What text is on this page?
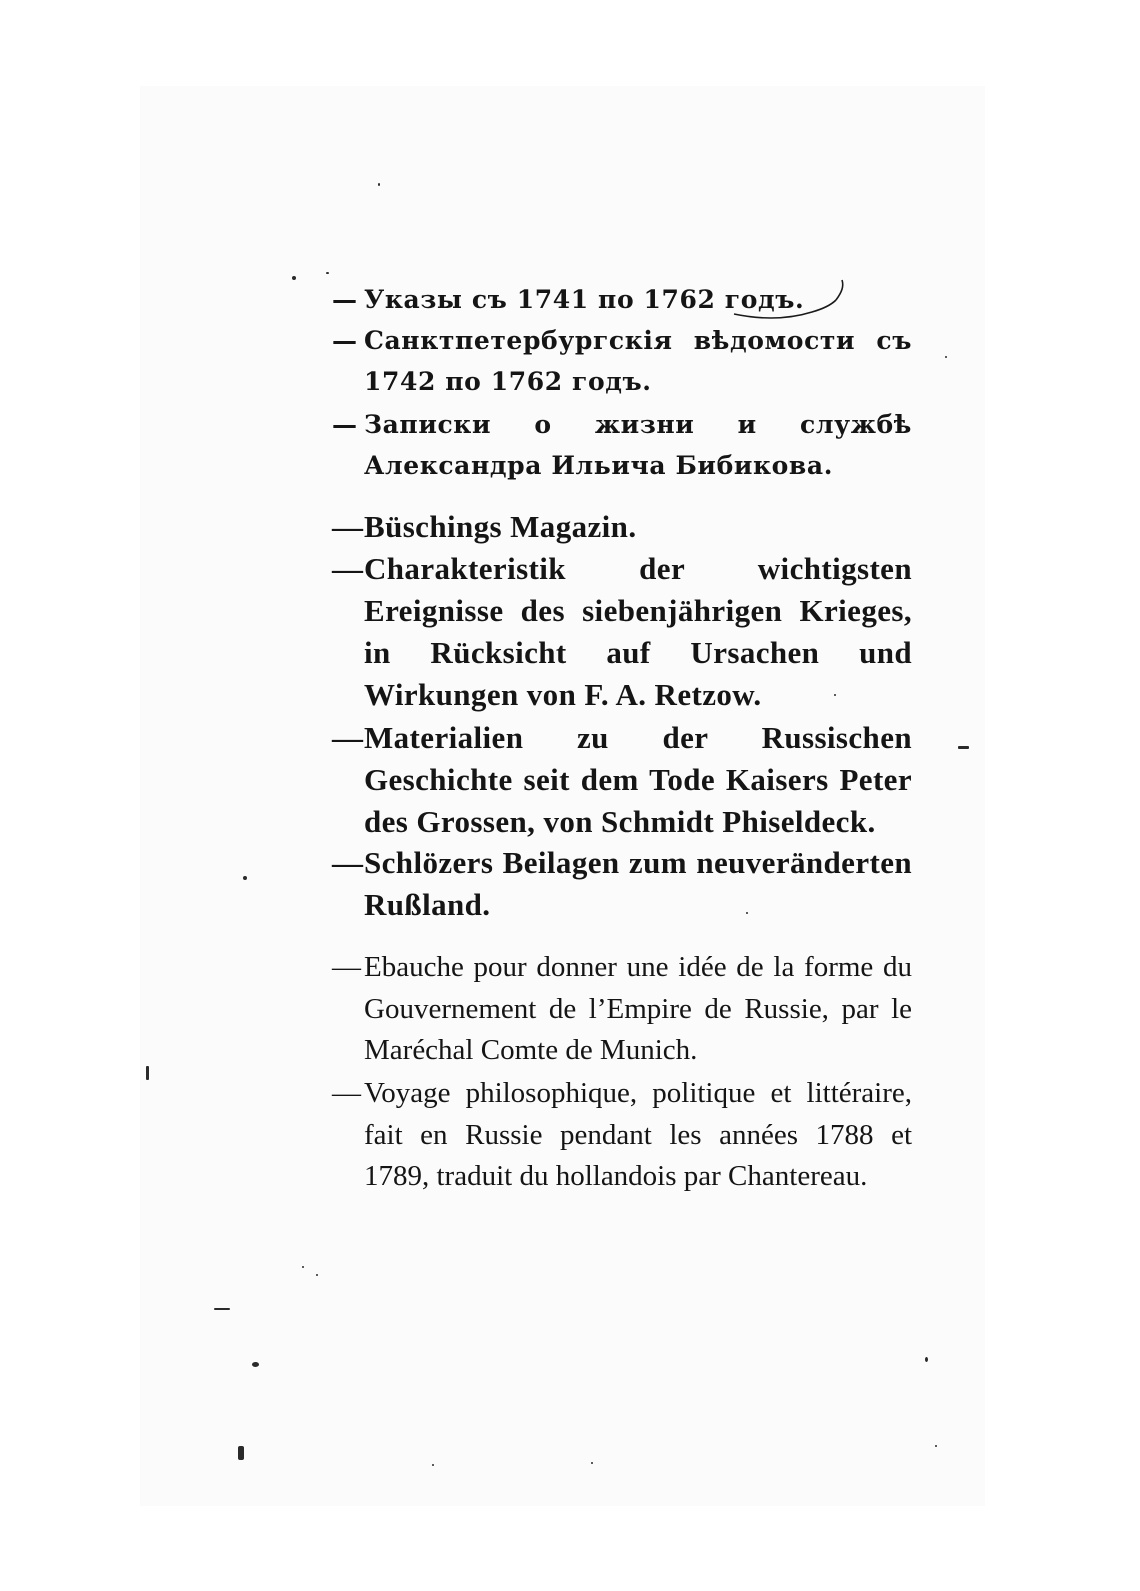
— Указы съ 1741 по 1762 годъ.

— Санктпетербургскія вѣдомости съ 1742 по 1762 годъ.

— Записки о жизни и службѣ Александра Ильича Бибикова.

— Büschings Magazin.

— Charakteristik der wichtigsten Ereignisse des siebenjährigen Krieges, in Rücksicht auf Ursachen und Wirkungen von F. A. Retzow.

— Materialien zu der Russischen Geschichte seit dem Tode Kaisers Peter des Grossen, von Schmidt Phiseldeck.

— Schlözers Beilagen zum neuveränderten Rußland.

— Ebauche pour donner une idée de la forme du Gouvernement de l’Empire de Russie, par le Maréchal Comte de Munich.

— Voyage philosophique, politique et littéraire, fait en Russie pendant les années 1788 et 1789, traduit du hollandois par Chantereau.
